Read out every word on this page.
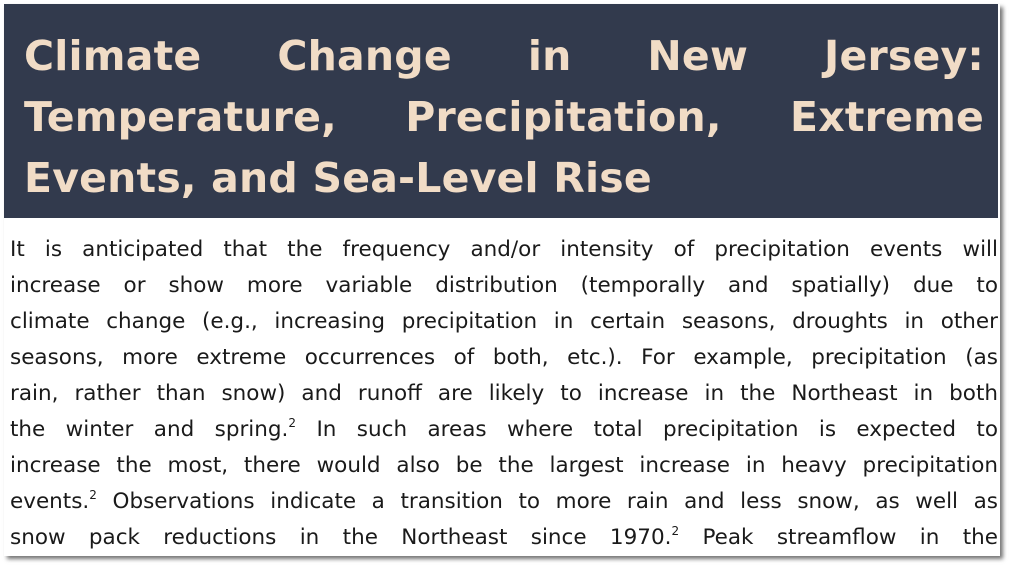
Climate Change in New Jersey: Temperature, Precipitation, Extreme Events, and Sea-Level Rise
It is anticipated that the frequency and/or intensity of precipitation events will
increase or show more variable distribution (temporally and spatially) due to
climate change (e.g., increasing precipitation in certain seasons, droughts in other
seasons, more extreme occurrences of both, etc.). For example, precipitation (as
rain, rather than snow) and runoff are likely to increase in the Northeast in both
the winter and spring.$^2$ In such areas where total precipitation is expected to
increase the most, there would also be the largest increase in heavy precipitation
events.$^2$ Observations indicate a transition to more rain and less snow, as well as
snow pack reductions in the Northeast since 1970.$^2$ Peak streamflow in the
